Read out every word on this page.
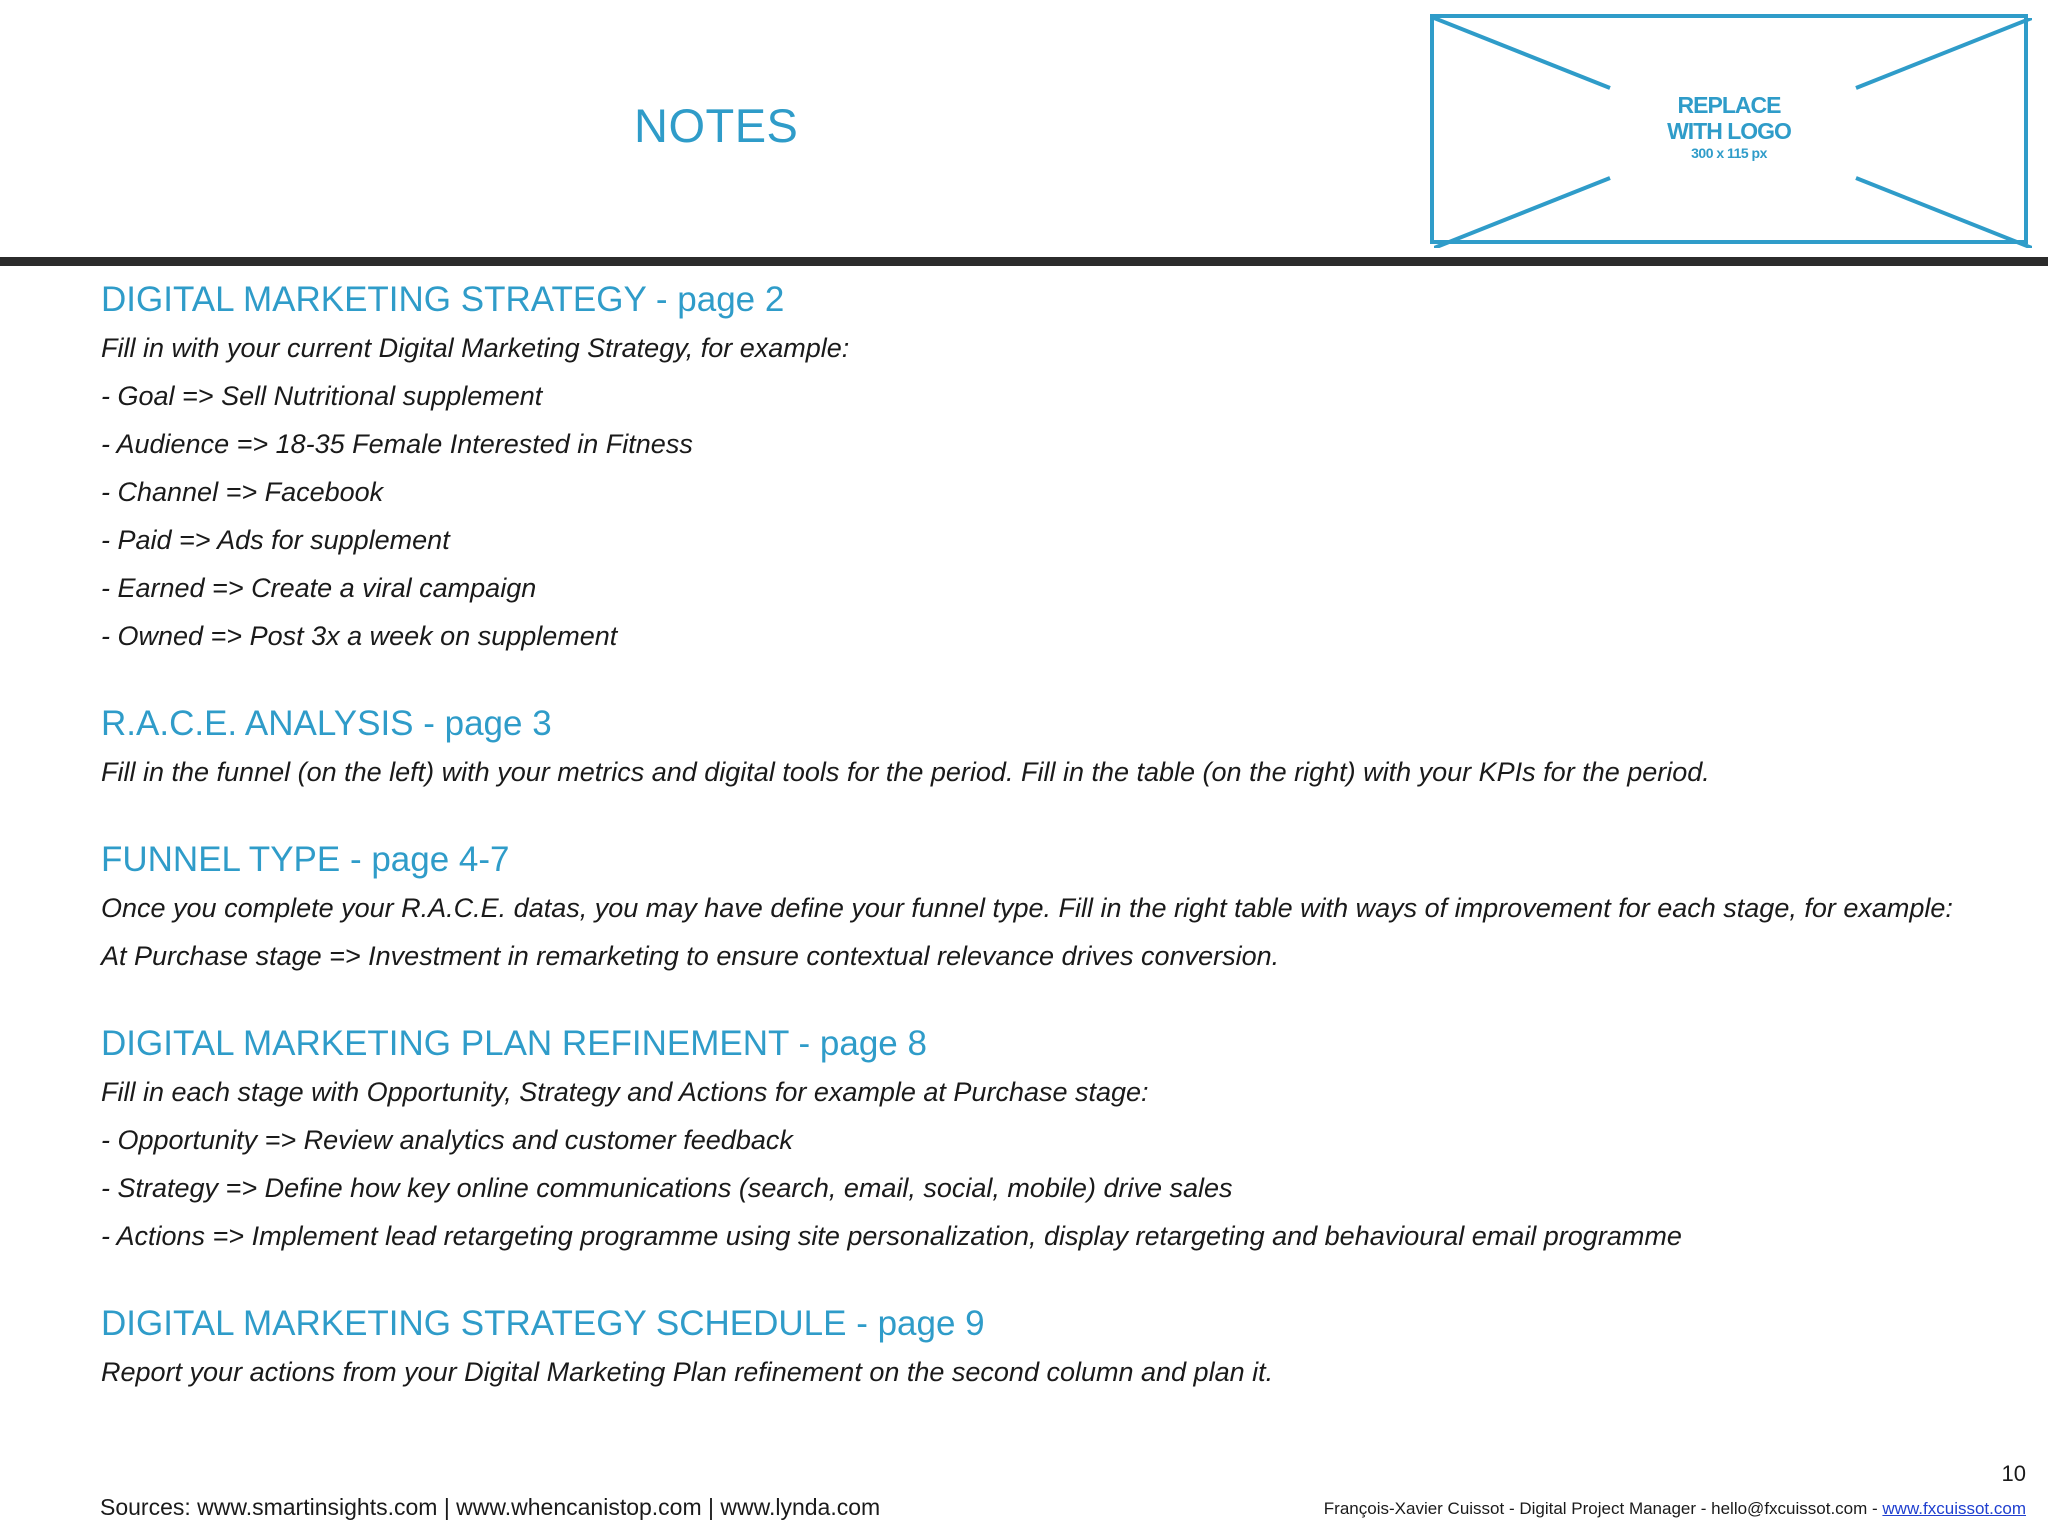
NOTES	REPLACE
WITH LOGO
300 x 115 px
DIGITAL MARKETING STRATEGY - page 2
Fill in with your current Digital Marketing Strategy, for example:
- Goal => Sell Nutritional supplement
- Audience => 18-35 Female Interested in Fitness
- Channel => Facebook
- Paid => Ads for supplement
- Earned => Create a viral campaign
- Owned => Post 3x a week on supplement
R.A.C.E. ANALYSIS - page 3
Fill in the funnel (on the left) with your metrics and digital tools for the period. Fill in the table (on the right) with your KPIs for the period.
FUNNEL TYPE - page 4-7
Once you complete your R.A.C.E. datas, you may have define your funnel type. Fill in the right table with ways of improvement for each stage, for example: At Purchase stage => Investment in remarketing to ensure contextual relevance drives conversion.
DIGITAL MARKETING PLAN REFINEMENT - page 8
Fill in each stage with Opportunity, Strategy and Actions for example at Purchase stage:
- Opportunity => Review analytics and customer feedback
- Strategy => Define how key online communications (search, email, social, mobile) drive sales
- Actions => Implement lead retargeting programme using site personalization, display retargeting and behavioural email programme
DIGITAL MARKETING STRATEGY SCHEDULE - page 9
Report your actions from your Digital Marketing Plan refinement on the second column and plan it.
10
Sources: www.smartinsights.com | www.whencanistop.com | www.lynda.com	François-Xavier Cuissot - Digital Project Manager - hello@fxcuissot.com - www.fxcuissot.com
